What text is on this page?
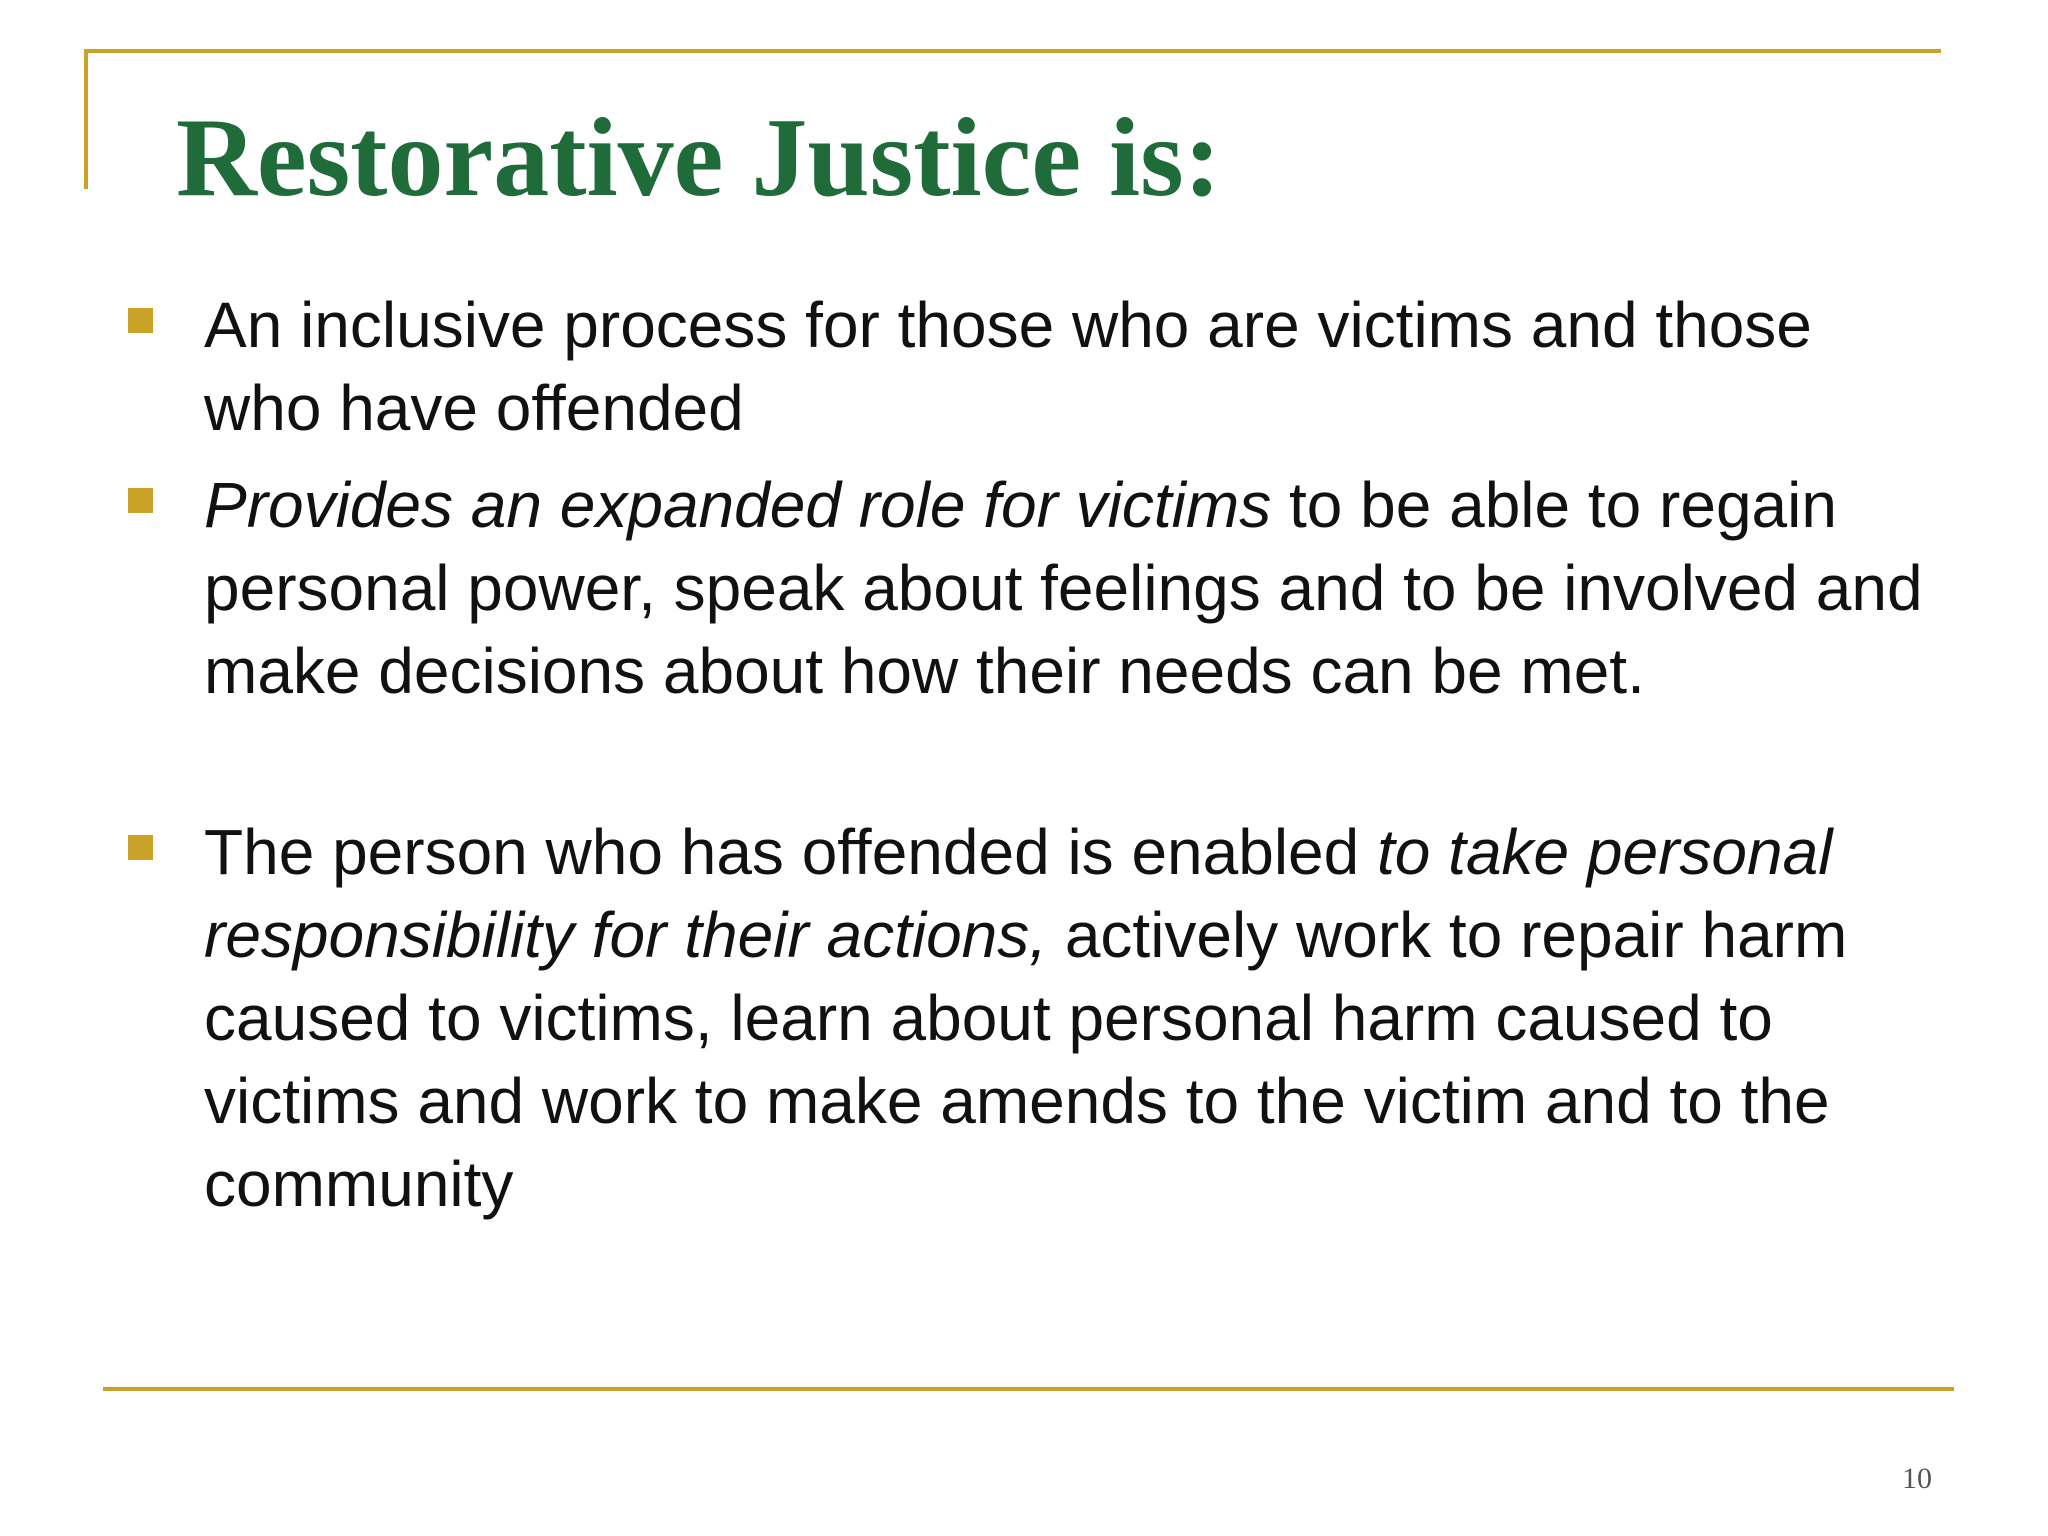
Restorative Justice is:
An inclusive process for those who are victims and those who have offended
Provides an expanded role for victims to be able to regain personal power, speak about feelings and to be involved and make decisions about how their needs can be met.
The person who has offended is enabled to take personal responsibility for their actions, actively work to repair harm caused to victims, learn about personal harm caused to victims and work to make amends to the victim and to the community
10
